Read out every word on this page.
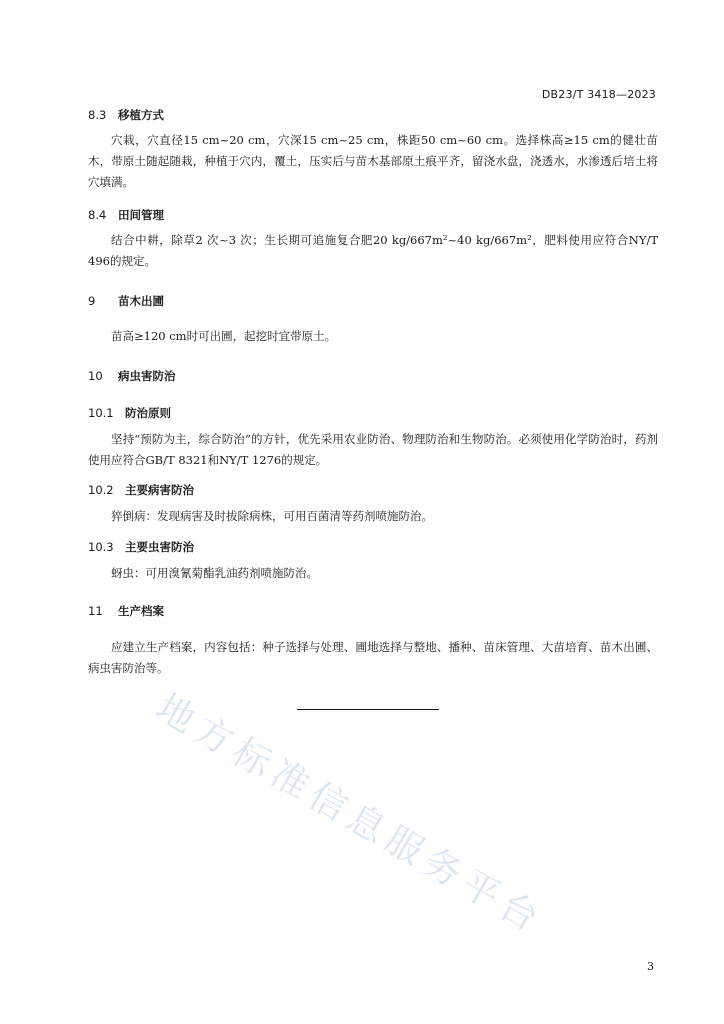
DB23/T 3418—2023
8.3 移植方式
穴栽，穴直径15 cm~20 cm，穴深15 cm~25 cm，株距50 cm~60 cm。选择株高≥15 cm的健壮苗木，带原土随起随栽，种植于穴内，覆土，压实后与苗木基部原土痕平齐，留浇水盘，浇透水，水渗透后培土将穴填满。
8.4 田间管理
结合中耕，除草2 次~3 次；生长期可追施复合肥20 kg/667m²~40 kg/667m²，肥料使用应符合NY/T 496的规定。
9 苗木出圃
苗高≥120 cm时可出圃，起挖时宜带原土。
10 病虫害防治
10.1 防治原则
坚持“预防为主，综合防治”的方针，优先采用农业防治、物理防治和生物防治。必须使用化学防治时，药剂使用应符合GB/T 8321和NY/T 1276的规定。
10.2 主要病害防治
猝倒病：发现病害及时拔除病株，可用百菌清等药剂喷施防治。
10.3 主要虫害防治
蚜虫：可用溴氰菊酯乳油药剂喷施防治。
11 生产档案
应建立生产档案，内容包括：种子选择与处理、圃地选择与整地、播种、苗床管理、大苗培育、苗木出圃、病虫害防治等。
地方标准信息服务平台
3
